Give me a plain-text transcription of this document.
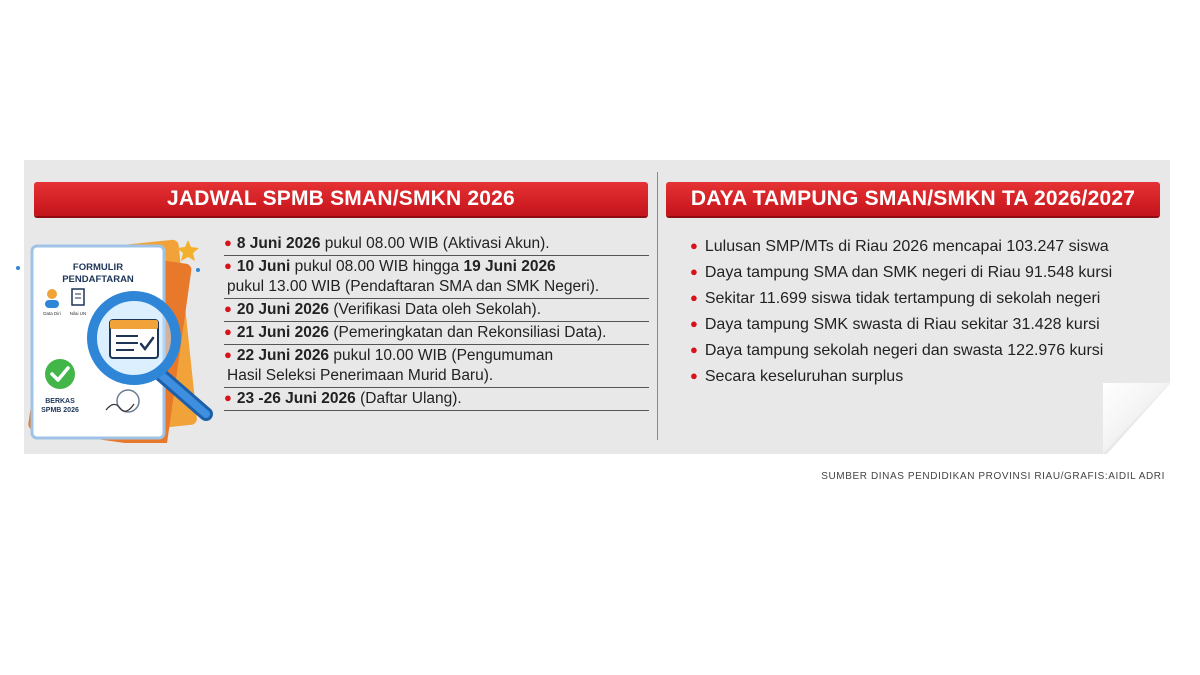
JADWAL SPMB SMAN/SMKN 2026	DAYA TAMPUNG SMAN/SMKN TA 2026/2027
FORMULIR
PENDAFTARAN
Data Diri Nilai UN
BERKAS
SPMB 2026
● 8 Juni 2026 pukul 08.00 WIB (Aktivasi Akun).
● 10 Juni pukul 08.00 WIB hingga 19 Juni 2026
pukul 13.00 WIB (Pendaftaran SMA dan SMK Negeri).
● 20 Juni 2026 (Verifikasi Data oleh Sekolah).
● 21 Juni 2026 (Pemeringkatan dan Rekonsiliasi Data).
● 22 Juni 2026 pukul 10.00 WIB (Pengumuman
Hasil Seleksi Penerimaan Murid Baru).
● 23 -26 Juni 2026 (Daftar Ulang).
● Lulusan SMP/MTs di Riau 2026 mencapai 103.247 siswa
● Daya tampung SMA dan SMK negeri di Riau 91.548 kursi
● Sekitar 11.699 siswa tidak tertampung di sekolah negeri
● Daya tampung SMK swasta di Riau sekitar 31.428 kursi
● Daya tampung sekolah negeri dan swasta 122.976 kursi
● Secara keseluruhan surplus
SUMBER DINAS PENDIDIKAN PROVINSI RIAU/GRAFIS:AIDIL ADRI
